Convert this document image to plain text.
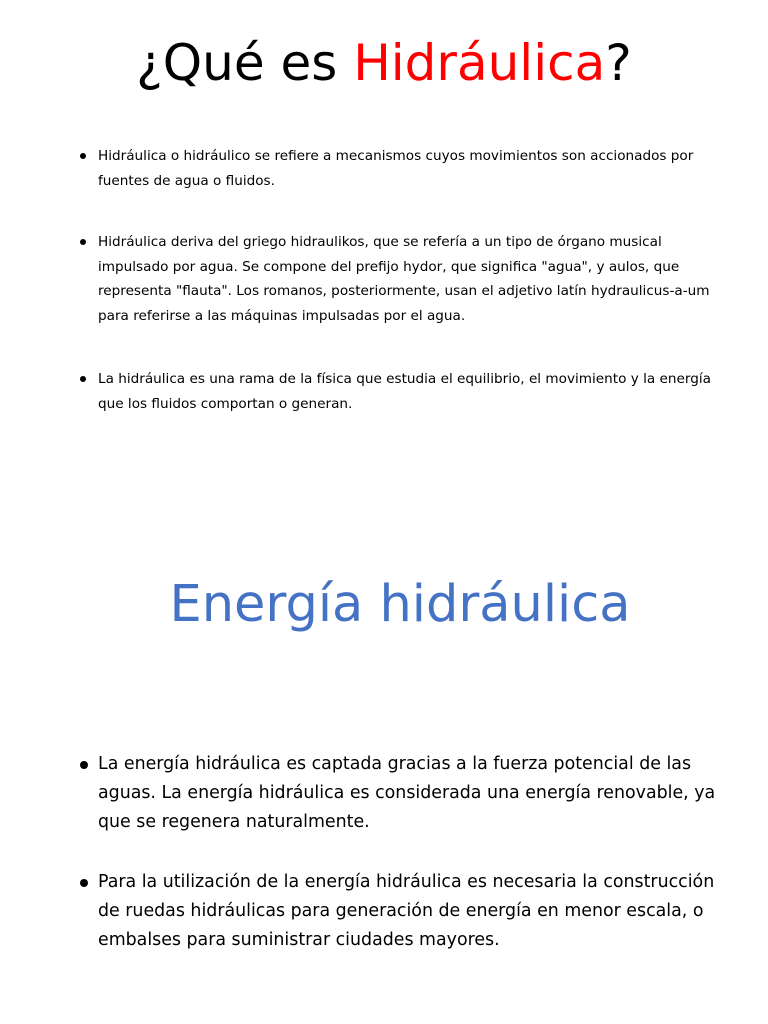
¿Qué es Hidráulica?
Hidráulica o hidráulico se refiere a mecanismos cuyos movimientos son accionados por fuentes de agua o fluidos.
Hidráulica deriva del griego hidraulikos, que se refería a un tipo de órgano musical impulsado por agua. Se compone del prefijo hydor, que significa "agua", y aulos, que representa "flauta". Los romanos, posteriormente, usan el adjetivo latín hydraulicus-a-um para referirse a las máquinas impulsadas por el agua.
La hidráulica es una rama de la física que estudia el equilibrio, el movimiento y la energía que los fluidos comportan o generan.
Energía hidráulica
La energía hidráulica es captada gracias a la fuerza potencial de las aguas. La energía hidráulica es considerada una energía renovable, ya que se regenera naturalmente.
Para la utilización de la energía hidráulica es necesaria la construcción de ruedas hidráulicas para generación de energía en menor escala, o embalses para suministrar ciudades mayores.
